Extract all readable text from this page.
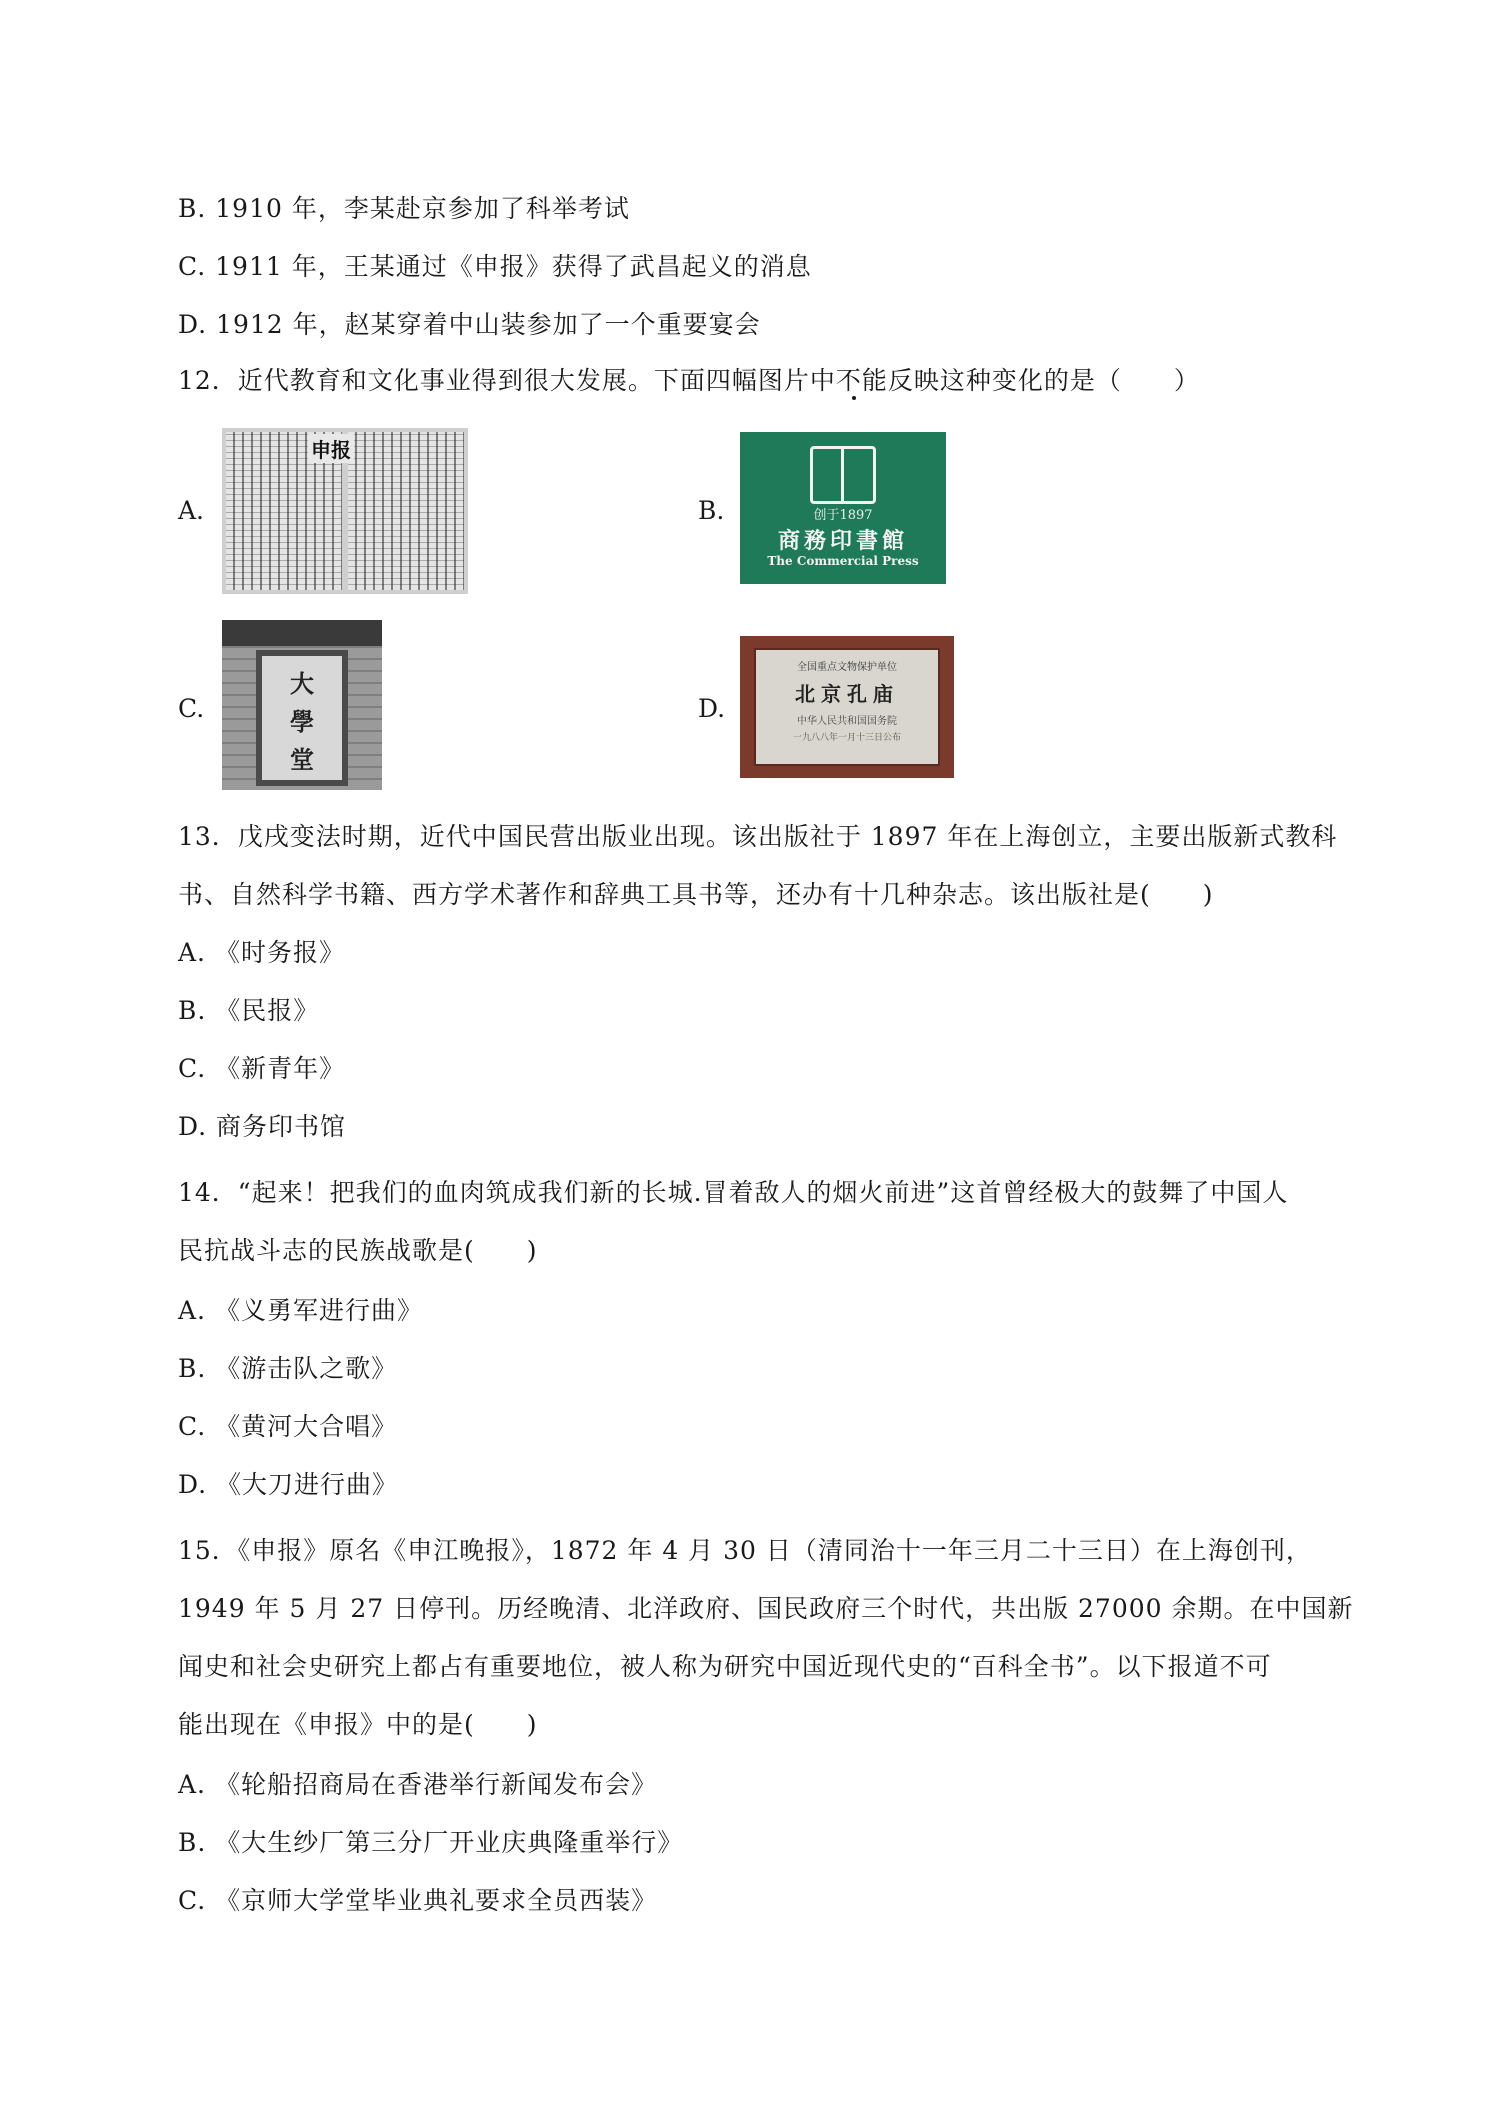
B. 1910 年，李某赴京参加了科举考试
C. 1911 年，王某通过《申报》获得了武昌起义的消息
D. 1912 年，赵某穿着中山装参加了一个重要宴会
12．近代教育和文化事业得到很大发展。下面四幅图片中不能反映这种变化的是（　　）
A.
申报
B.	创于1897
商務印書館
The Commercial Press
C.
大
學
堂
D.
全国重点文物保护单位
北京孔庙
中华人民共和国国务院
一九八八年一月十三日公布
13．戊戌变法时期，近代中国民营出版业出现。该出版社于 1897 年在上海创立，主要出版新式教科
书、自然科学书籍、西方学术著作和辞典工具书等，还办有十几种杂志。该出版社是(　　)
A. 《时务报》
B. 《民报》
C. 《新青年》
D. 商务印书馆
14．“起来！把我们的血肉筑成我们新的长城.冒着敌人的烟火前进”这首曾经极大的鼓舞了中国人
民抗战斗志的民族战歌是(　　)
A. 《义勇军进行曲》
B. 《游击队之歌》
C. 《黄河大合唱》
D. 《大刀进行曲》
15．《申报》原名《申江晚报》，1872 年 4 月 30 日（清同治十一年三月二十三日）在上海创刊，
1949 年 5 月 27 日停刊。历经晚清、北洋政府、国民政府三个时代，共出版 27000 余期。在中国新
闻史和社会史研究上都占有重要地位，被人称为研究中国近现代史的“百科全书”。以下报道不可
能出现在《申报》中的是(　　)
A. 《轮船招商局在香港举行新闻发布会》
B. 《大生纱厂第三分厂开业庆典隆重举行》
C. 《京师大学堂毕业典礼要求全员西装》
